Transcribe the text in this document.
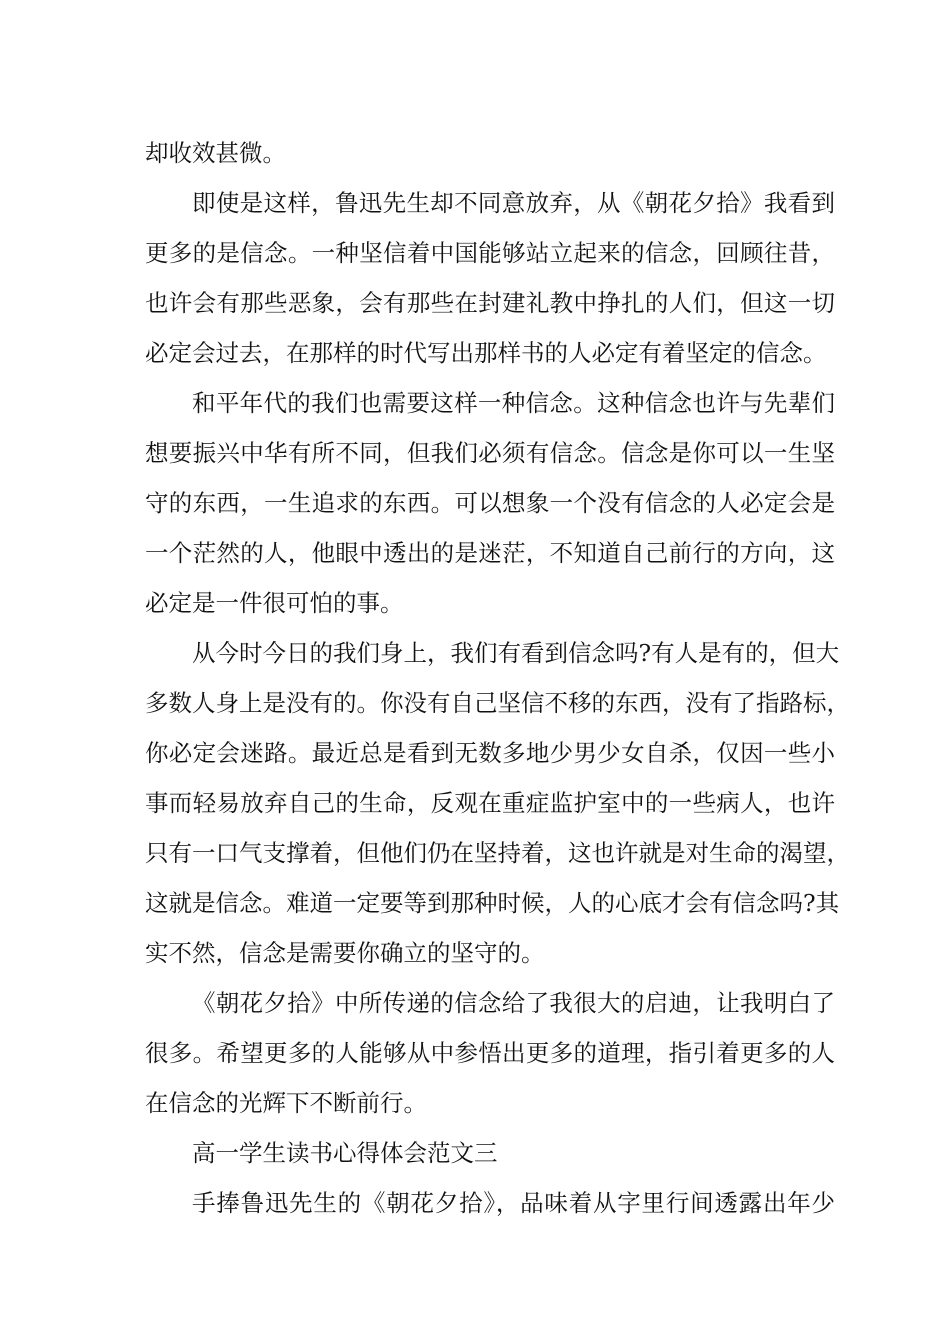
却收效甚微。
即使是这样，鲁迅先生却不同意放弃，从《朝花夕拾》我看到
更多的是信念。一种坚信着中国能够站立起来的信念，回顾往昔，
也许会有那些恶象，会有那些在封建礼教中挣扎的人们，但这一切
必定会过去，在那样的时代写出那样书的人必定有着坚定的信念。
和平年代的我们也需要这样一种信念。这种信念也许与先辈们
想要振兴中华有所不同，但我们必须有信念。信念是你可以一生坚
守的东西，一生追求的东西。可以想象一个没有信念的人必定会是
一个茫然的人，他眼中透出的是迷茫，不知道自己前行的方向，这
必定是一件很可怕的事。
从今时今日的我们身上，我们有看到信念吗?有人是有的，但大
多数人身上是没有的。你没有自己坚信不移的东西，没有了指路标，
你必定会迷路。最近总是看到无数多地少男少女自杀，仅因一些小
事而轻易放弃自己的生命，反观在重症监护室中的一些病人，也许
只有一口气支撑着，但他们仍在坚持着，这也许就是对生命的渴望，
这就是信念。难道一定要等到那种时候，人的心底才会有信念吗?其
实不然，信念是需要你确立的坚守的。
《朝花夕拾》中所传递的信念给了我很大的启迪，让我明白了
很多。希望更多的人能够从中参悟出更多的道理，指引着更多的人
在信念的光辉下不断前行。
高一学生读书心得体会范文三
手捧鲁迅先生的《朝花夕拾》，品味着从字里行间透露出年少
